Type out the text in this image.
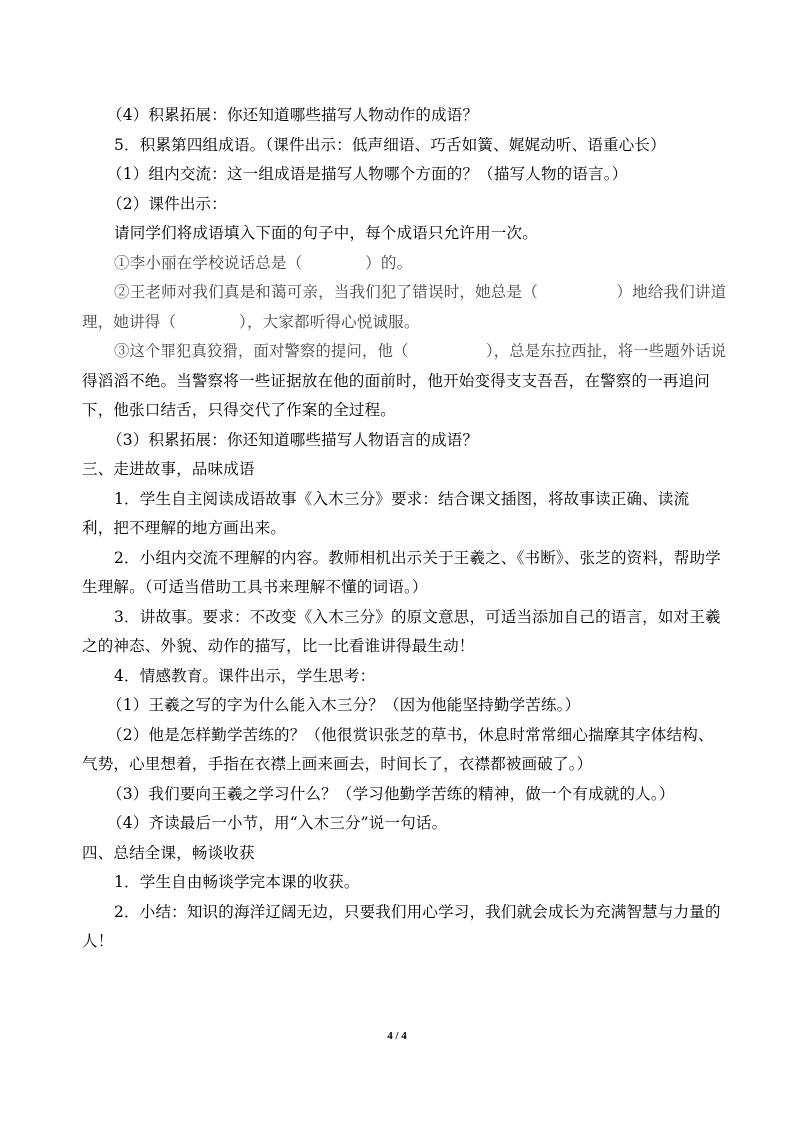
（4）积累拓展：你还知道哪些描写人物动作的成语？
5．积累第四组成语。（课件出示：低声细语、巧舌如簧、娓娓动听、语重心长）
（1）组内交流：这一组成语是描写人物哪个方面的？（描写人物的语言。）
（2）课件出示：
请同学们将成语填入下面的句子中，每个成语只允许用一次。
①李小丽在学校说话总是（　　　　）的。
②王老师对我们真是和蔼可亲，当我们犯了错误时，她总是（　　　　　）地给我们讲道
理，她讲得（　　　　），大家都听得心悦诚服。
③这个罪犯真狡猾，面对警察的提问，他（　　　　　），总是东拉西扯，将一些题外话说
得滔滔不绝。当警察将一些证据放在他的面前时，他开始变得支支吾吾，在警察的一再追问
下，他张口结舌，只得交代了作案的全过程。
（3）积累拓展：你还知道哪些描写人物语言的成语？
三、走进故事，品味成语
1．学生自主阅读成语故事《入木三分》要求：结合课文插图，将故事读正确、读流
利，把不理解的地方画出来。
2．小组内交流不理解的内容。教师相机出示关于王羲之、《书断》、张芝的资料，帮助学
生理解。（可适当借助工具书来理解不懂的词语。）
3．讲故事。要求：不改变《入木三分》的原文意思，可适当添加自己的语言，如对王羲
之的神态、外貌、动作的描写，比一比看谁讲得最生动！
4．情感教育。课件出示，学生思考：
（1）王羲之写的字为什么能入木三分？（因为他能坚持勤学苦练。）
（2）他是怎样勤学苦练的？（他很赏识张芝的草书，休息时常常细心揣摩其字体结构、
气势，心里想着，手指在衣襟上画来画去，时间长了，衣襟都被画破了。）
（3）我们要向王羲之学习什么？（学习他勤学苦练的精神，做一个有成就的人。）
（4）齐读最后一小节，用“入木三分”说一句话。
四、总结全课，畅谈收获
1．学生自由畅谈学完本课的收获。
2．小结：知识的海洋辽阔无边，只要我们用心学习，我们就会成长为充满智慧与力量的
人！
4 / 4
